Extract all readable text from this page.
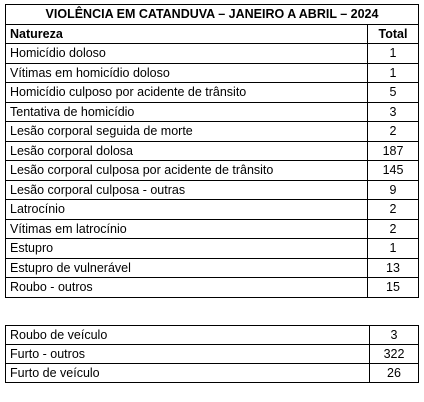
VIOLÊNCIA EM CATANDUVA – JANEIRO A ABRIL – 2024	
Natureza	Total
Homicídio doloso	1
Vítimas em homicídio doloso	1
Homicídio culposo por acidente de trânsito	5
Tentativa de homicídio	3
Lesão corporal seguida de morte	2
Lesão corporal dolosa	187
Lesão corporal culposa por acidente de trânsito	145
Lesão corporal culposa - outras	9
Latrocínio	2
Vítimas em latrocínio	2
Estupro	1
Estupro de vulnerável	13
Roubo - outros	15
Roubo de veículo	3
Furto - outros	322
Furto de veículo	26
